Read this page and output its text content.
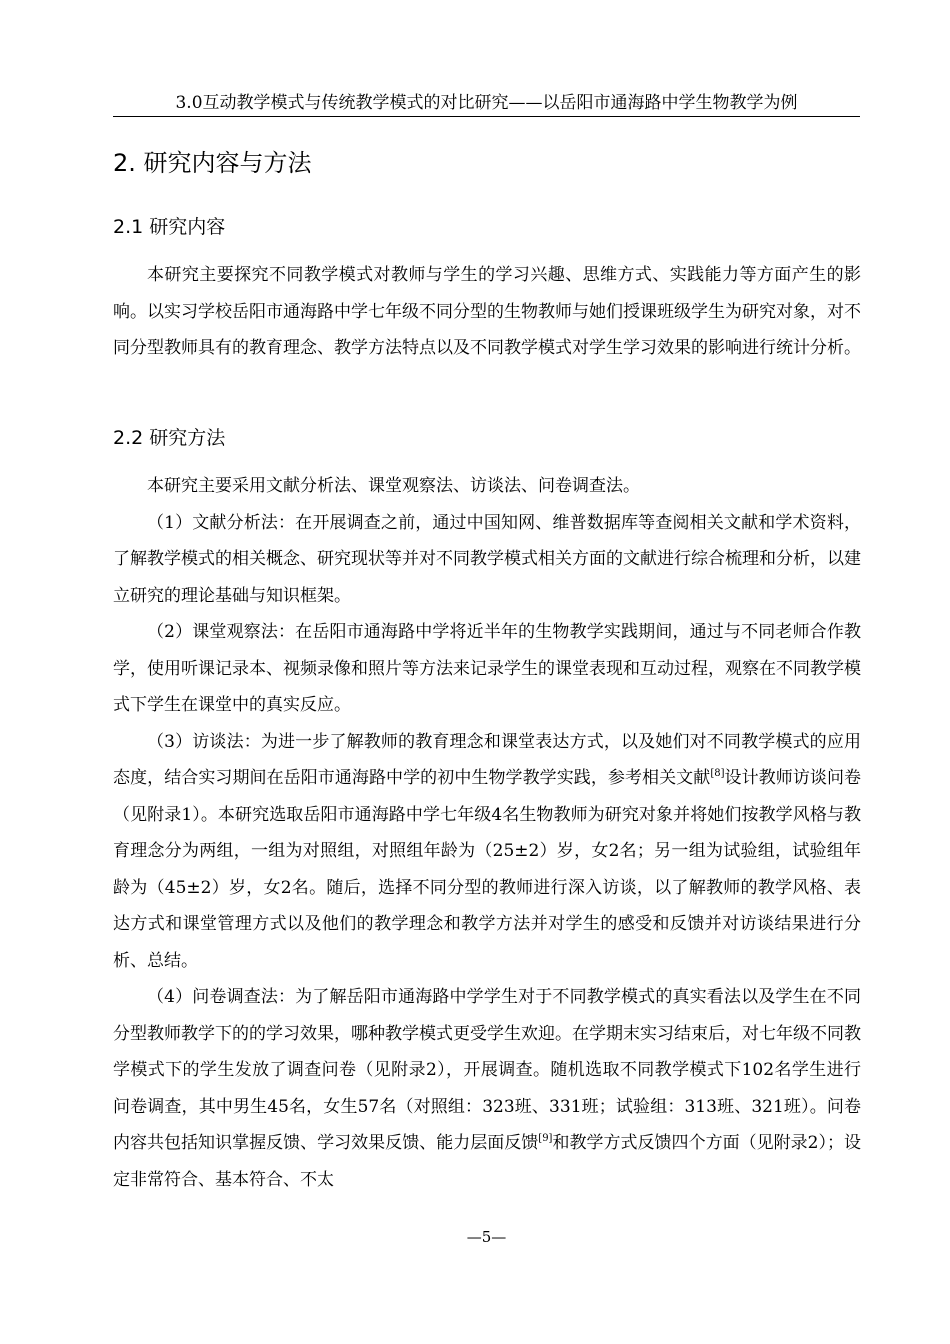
3.0互动教学模式与传统教学模式的对比研究——以岳阳市通海路中学生物教学为例
2. 研究内容与方法
2.1 研究内容

本研究主要探究不同教学模式对教师与学生的学习兴趣、思维方式、实践能力等方面产生的影响。以实习学校岳阳市通海路中学七年级不同分型的生物教师与她们授课班级学生为研究对象，对不同分型教师具有的教育理念、教学方法特点以及不同教学模式对学生学习效果的影响进行统计分析。

2.2 研究方法

本研究主要采用文献分析法、课堂观察法、访谈法、问卷调查法。

（1）文献分析法：在开展调查之前，通过中国知网、维普数据库等查阅相关文献和学术资料，了解教学模式的相关概念、研究现状等并对不同教学模式相关方面的文献进行综合梳理和分析，以建立研究的理论基础与知识框架。

（2）课堂观察法：在岳阳市通海路中学将近半年的生物教学实践期间，通过与不同老师合作教学，使用听课记录本、视频录像和照片等方法来记录学生的课堂表现和互动过程，观察在不同教学模式下学生在课堂中的真实反应。

（3）访谈法：为进一步了解教师的教育理念和课堂表达方式，以及她们对不同教学模式的应用态度，结合实习期间在岳阳市通海路中学的初中生物学教学实践，参考相关文献[8]设计教师访谈问卷（见附录1）。本研究选取岳阳市通海路中学七年级4名生物教师为研究对象并将她们按教学风格与教育理念分为两组，一组为对照组，对照组年龄为（25±2）岁，女2名；另一组为试验组，试验组年龄为（45±2）岁，女2名。随后，选择不同分型的教师进行深入访谈，以了解教师的教学风格、表达方式和课堂管理方式以及他们的教学理念和教学方法并对学生的感受和反馈并对访谈结果进行分析、总结。

（4）问卷调查法：为了解岳阳市通海路中学学生对于不同教学模式的真实看法以及学生在不同分型教师教学下的的学习效果，哪种教学模式更受学生欢迎。在学期末实习结束后，对七年级不同教学模式下的学生发放了调查问卷（见附录2），开展调查。随机选取不同教学模式下102名学生进行问卷调查，其中男生45名，女生57名（对照组：323班、331班；试验组：313班、321班）。问卷内容共包括知识掌握反馈、学习效果反馈、能力层面反馈[9]和教学方式反馈四个方面（见附录2）；设定非常符合、基本符合、不太

—5—
